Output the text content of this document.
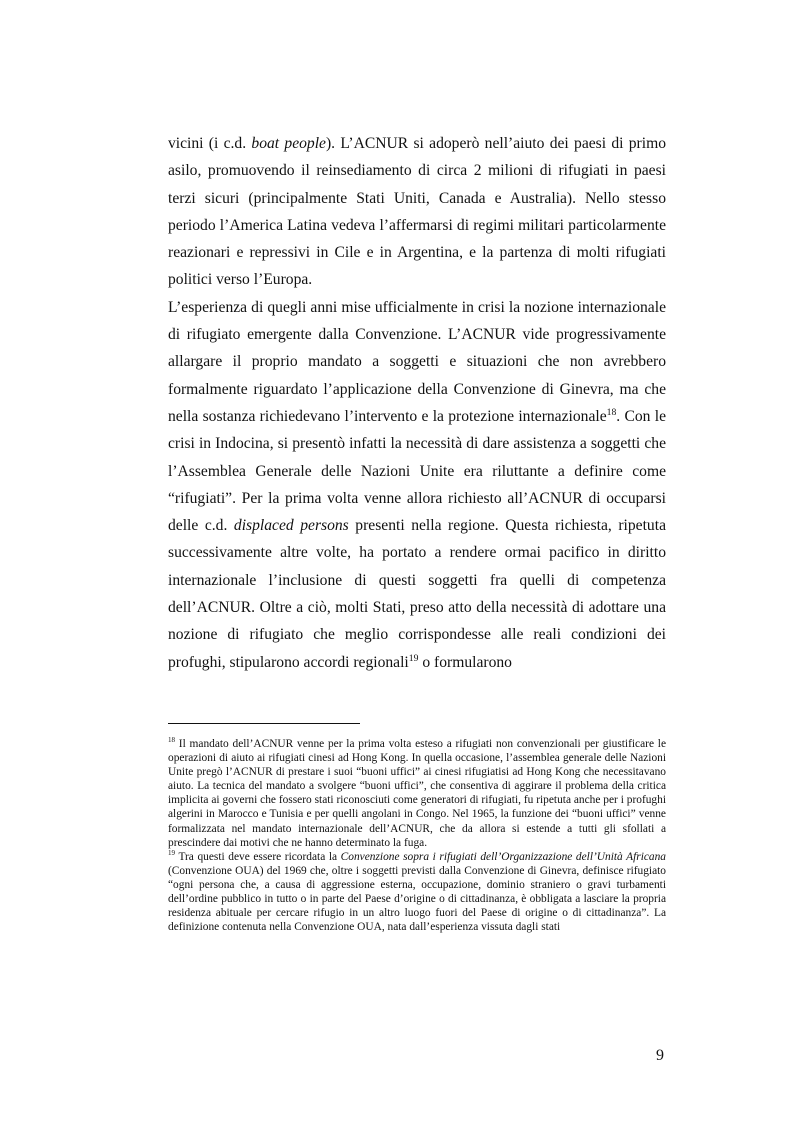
vicini (i c.d. boat people). L’ACNUR si adoperò nell’aiuto dei paesi di primo asilo, promuovendo il reinsediamento di circa 2 milioni di rifugiati in paesi terzi sicuri (principalmente Stati Uniti, Canada e Australia). Nello stesso periodo l’America Latina vedeva l’affermarsi di regimi militari particolarmente reazionari e repressivi in Cile e in Argentina, e la partenza di molti rifugiati politici verso l’Europa.

L’esperienza di quegli anni mise ufficialmente in crisi la nozione internazionale di rifugiato emergente dalla Convenzione. L’ACNUR vide progressivamente allargare il proprio mandato a soggetti e situazioni che non avrebbero formalmente riguardato l’applicazione della Convenzione di Ginevra, ma che nella sostanza richiedevano l’intervento e la protezione internazionale$^{18}$. Con le crisi in Indocina, si presentò infatti la necessità di dare assistenza a soggetti che l’Assemblea Generale delle Nazioni Unite era riluttante a definire come “rifugiati”. Per la prima volta venne allora richiesto all’ACNUR di occuparsi delle c.d. displaced persons presenti nella regione. Questa richiesta, ripetuta successivamente altre volte, ha portato a rendere ormai pacifico in diritto internazionale l’inclusione di questi soggetti fra quelli di competenza dell’ACNUR. Oltre a ciò, molti Stati, preso atto della necessità di adottare una nozione di rifugiato che meglio corrispondesse alle reali condizioni dei profughi, stipularono accordi regionali$^{19}$ o formularono

$^{18}$ Il mandato dell’ACNUR venne per la prima volta esteso a rifugiati non convenzionali per giustificare le operazioni di aiuto ai rifugiati cinesi ad Hong Kong. In quella occasione, l’assemblea generale delle Nazioni Unite pregò l’ACNUR di prestare i suoi “buoni uffici” ai cinesi rifugiatisi ad Hong Kong che necessitavano aiuto. La tecnica del mandato a svolgere “buoni uffici”, che consentiva di aggirare il problema della critica implicita ai governi che fossero stati riconosciuti come generatori di rifugiati, fu ripetuta anche per i profughi algerini in Marocco e Tunisia e per quelli angolani in Congo. Nel 1965, la funzione dei “buoni uffici” venne formalizzata nel mandato internazionale dell’ACNUR, che da allora si estende a tutti gli sfollati a prescindere dai motivi che ne hanno determinato la fuga.

$^{19}$ Tra questi deve essere ricordata la Convenzione sopra i rifugiati dell’Organizzazione dell’Unità Africana (Convenzione OUA) del 1969 che, oltre i soggetti previsti dalla Convenzione di Ginevra, definisce rifugiato “ogni persona che, a causa di aggressione esterna, occupazione, dominio straniero o gravi turbamenti dell’ordine pubblico in tutto o in parte del Paese d’origine o di cittadinanza, è obbligata a lasciare la propria residenza abituale per cercare rifugio in un altro luogo fuori del Paese di origine o di cittadinanza”. La definizione contenuta nella Convenzione OUA, nata dall’esperienza vissuta dagli stati

9
